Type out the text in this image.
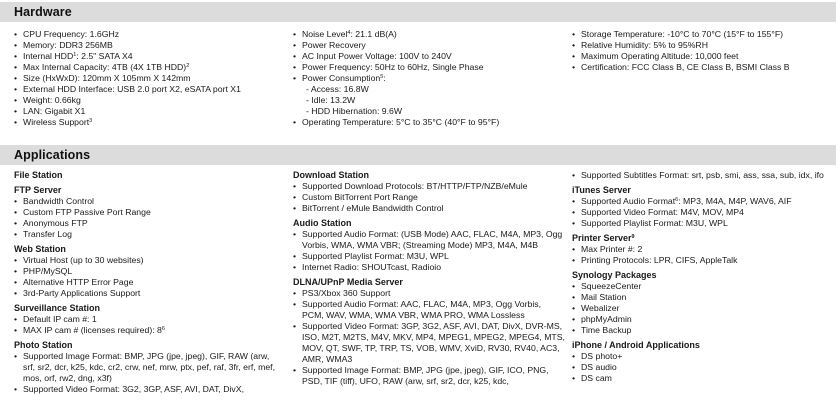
Hardware
• CPU Frequency: 1.6GHz
• Memory: DDR3 256MB
• Internal HDD$^1$: 2.5" SATA X4
• Max Internal Capacity: 4TB (4X 1TB HDD)$^2$
• Size (HxWxD): 120mm X 105mm X 142mm
• External HDD Interface: USB 2.0 port X2, eSATA port X1
• Weight: 0.66kg
• LAN: Gigabit X1
• Wireless Support$^3$
• Noise Level$^4$: 21.1 dB(A)
• Power Recovery
• AC Input Power Voltage: 100V to 240V
• Power Frequency: 50Hz to 60Hz, Single Phase
• Power Consumption$^5$:
- Access: 16.8W
- Idle: 13.2W
- HDD Hibernation: 9.6W
• Operating Temperature: 5°C to 35°C (40°F to 95°F)
• Storage Temperature: -10°C to 70°C (15°F to 155°F)
• Relative Humidity: 5% to 95%RH
• Maximum Operating Altitude: 10,000 feet
• Certification: FCC Class B, CE Class B, BSMI Class B
Applications
File Station
FTP Server
• Bandwidth Control
• Custom FTP Passive Port Range
• Anonymous FTP
• Transfer Log
Web Station
• Virtual Host (up to 30 websites)
• PHP/MySQL
• Alternative HTTP Error Page
• 3rd-Party Applications Support
Surveillance Station
• Default IP cam #: 1
• MAX IP cam # (licenses required): $8^6$
Photo Station
• Supported Image Format: BMP, JPG (jpe, jpeg), GIF, RAW (arw, srf, sr2, dcr, k25, kdc, cr2, crw, nef, mrw, ptx, pef, raf, 3fr, erf, mef, mos, orf, rw2, dng, x3f)
• Supported Video Format: 3G2, 3GP, ASF, AVI, DAT, DivX,
Download Station
• Supported Download Protocols: BT/HTTP/FTP/NZB/eMule
• Custom BitTorrent Port Range
• BitTorrent / eMule Bandwidth Control
Audio Station
• Supported Audio Format: (USB Mode) AAC, FLAC, M4A, MP3, Ogg Vorbis, WMA, WMA VBR; (Streaming Mode) MP3, M4A, M4B
• Supported Playlist Format: M3U, WPL
• Internet Radio: SHOUTcast, Radioio
DLNA/UPnP Media Server
• PS3/Xbox 360 Support
• Supported Audio Format: AAC, FLAC, M4A, MP3, Ogg Vorbis, PCM, WAV, WMA, WMA VBR, WMA PRO, WMA Lossless
• Supported Video Format: 3GP, 3G2, ASF, AVI, DAT, DivX, DVR-MS, ISO, M2T, M2TS, M4V, MKV, MP4, MPEG1, MPEG2, MPEG4, MTS, MOV, QT, SWF, TP, TRP, TS, VOB, WMV, XviD, RV30, RV40, AC3, AMR, WMA3
• Supported Image Format: BMP, JPG (jpe, jpeg), GIF, ICO, PNG, PSD, TIF (tiff), UFO, RAW (arw, srf, sr2, dcr, k25, kdc,
• Supported Subtitles Format: srt, psb, smi, ass, ssa, sub, idx, ifo
iTunes Server
• Supported Audio Format$^6$: MP3, M4A, M4P, WAV6, AIF
• Supported Video Format: M4V, MOV, MP4
• Supported Playlist Format: M3U, WPL
Printer Server$^9$
• Max Printer #: 2
• Printing Protocols: LPR, CIFS, AppleTalk
Synology Packages
• SqueezeCenter
• Mail Station
• Webalizer
• phpMyAdmin
• Time Backup
iPhone / Android Applications
• DS photo+
• DS audio
• DS cam
